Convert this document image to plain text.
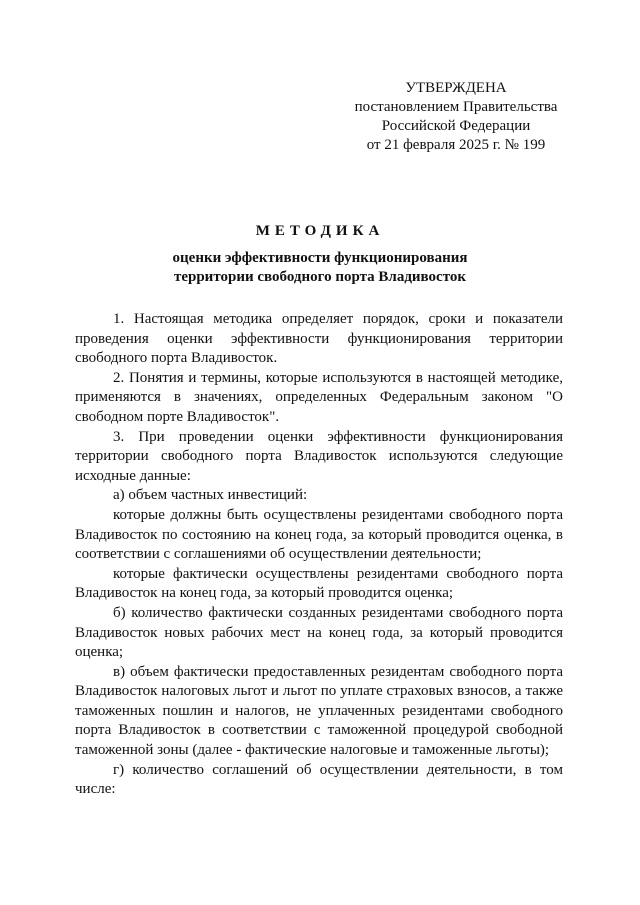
УТВЕРЖДЕНА
постановлением Правительства
Российской Федерации
от 21 февраля 2025 г. № 199
МЕТОДИКА
оценки эффективности функционирования
территории свободного порта Владивосток

1. Настоящая методика определяет порядок, сроки и показатели проведения оценки эффективности функционирования территории свободного порта Владивосток.

2. Понятия и термины, которые используются в настоящей методике, применяются в значениях, определенных Федеральным законом "О свободном порте Владивосток".

3. При проведении оценки эффективности функционирования территории свободного порта Владивосток используются следующие исходные данные:

а) объем частных инвестиций:

которые должны быть осуществлены резидентами свободного порта Владивосток по состоянию на конец года, за который проводится оценка, в соответствии с соглашениями об осуществлении деятельности;

которые фактически осуществлены резидентами свободного порта Владивосток на конец года, за который проводится оценка;

б) количество фактически созданных резидентами свободного порта Владивосток новых рабочих мест на конец года, за который проводится оценка;

в) объем фактически предоставленных резидентам свободного порта Владивосток налоговых льгот и льгот по уплате страховых взносов, а также таможенных пошлин и налогов, не уплаченных резидентами свободного порта Владивосток в соответствии с таможенной процедурой свободной таможенной зоны (далее - фактические налоговые и таможенные льготы);

г) количество соглашений об осуществлении деятельности, в том числе:
